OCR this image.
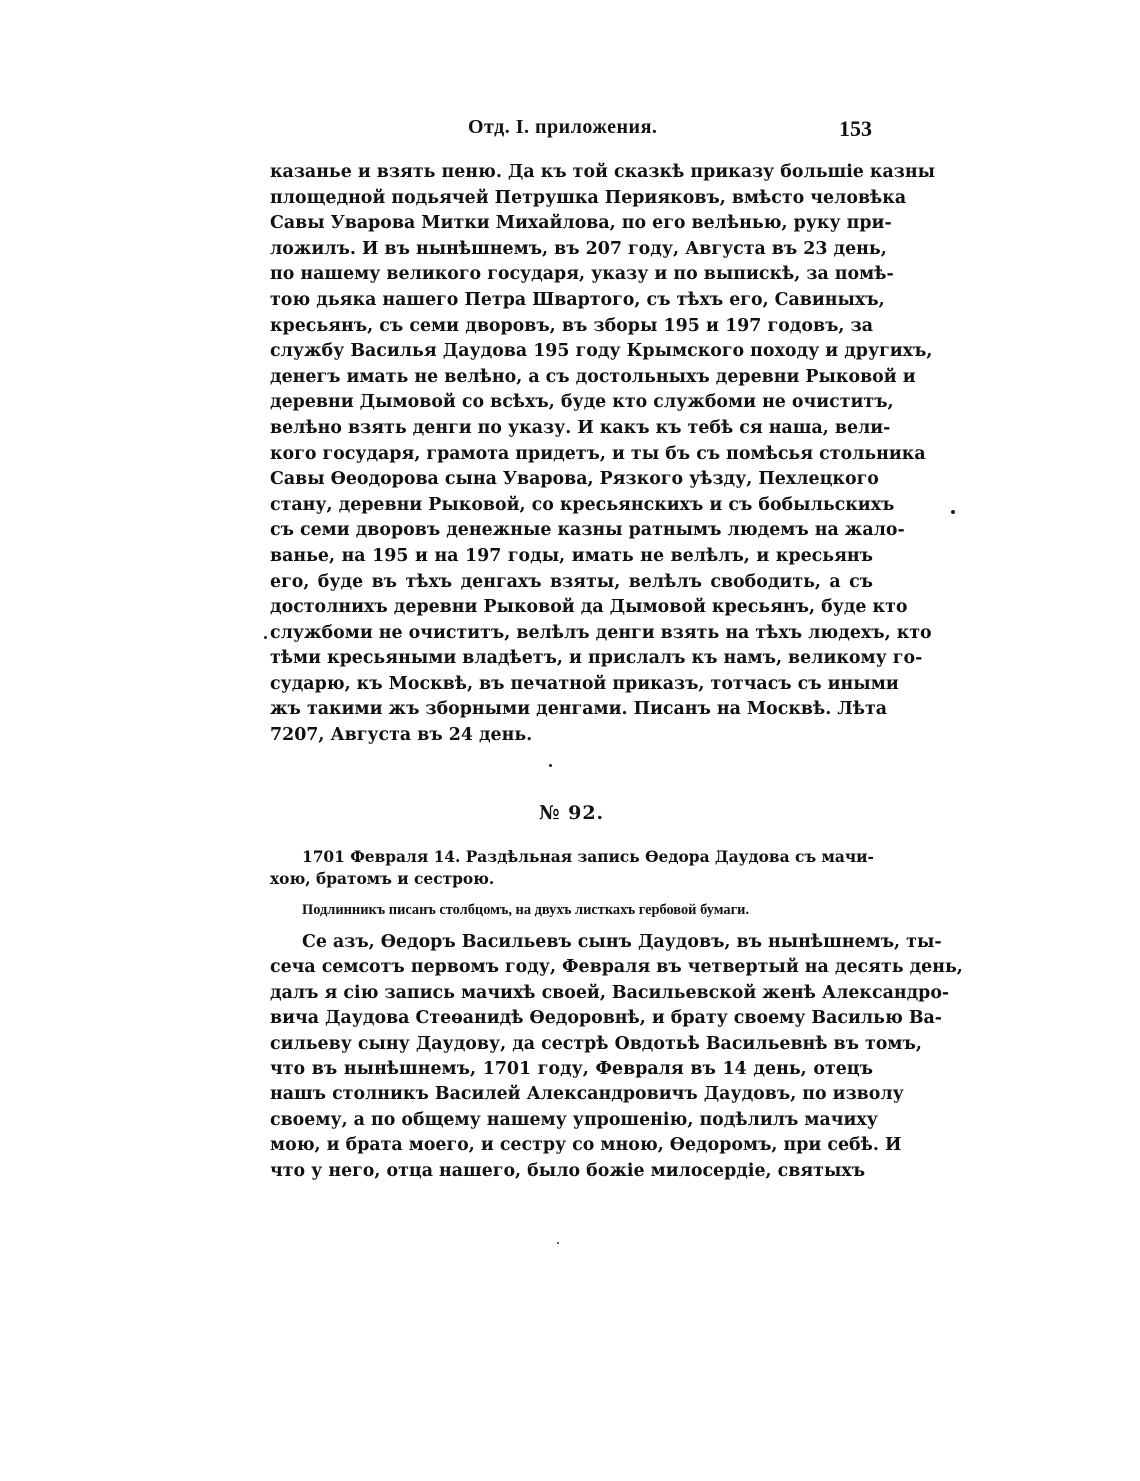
Отд. I. приложения.	153
казанье и взять пеню. Да къ той сказкѣ приказу большіе казны
площедной подьячей Петрушка Перияковъ, вмѣсто человѣка
Савы Уварова Митки Михайлова, по его велѣнью, руку при-
ложилъ. И въ нынѣшнемъ, въ 207 году, Августа въ 23 день,
по нашему великого государя, указу и по выпискѣ, за помѣ-
тою дьяка нашего Петра Швартого, съ тѣхъ его, Савиныхъ,
кресьянъ, съ семи дворовъ, въ зборы 195 и 197 годовъ, за
службу Василья Даудова 195 году Крымского походу и другихъ,
денегъ имать не велѣно, а съ достольныхъ деревни Рыковой и
деревни Дымовой со всѣхъ, буде кто службоми не очиститъ,
велѣно взять денги по указу. И какъ къ тебѣ ся наша, вели-
кого государя, грамота придетъ, и ты бъ съ помѣсья стольника
Савы Өеодорова сына Уварова, Рязкого уѣзду, Пехлецкого
стану, деревни Рыковой, со кресьянскихъ и съ бобыльскихъ
съ семи дворовъ денежные казны ратнымъ людемъ на жало-
ванье, на 195 и на 197 годы, имать не велѣлъ, и кресьянъ
его, буде въ тѣхъ денгахъ взяты, велѣлъ свободить, а съ
достолнихъ деревни Рыковой да Дымовой кресьянъ, буде кто
службоми не очиститъ, велѣлъ денги взять на тѣхъ людехъ, кто
тѣми кресьяными владѣетъ, и прислалъ къ намъ, великому го-
сударю, къ Москвѣ, въ печатной приказъ, тотчасъ съ иными
жъ такими жъ зборными денгами. Писанъ на Москвѣ. Лѣта
7207, Августа въ 24 день.
№ 92.
1701 Февраля 14. Раздѣльная запись Өедора Даудова съ мачи-
хою, братомъ и сестрою.
Подлинникъ писанъ столбцомъ, на двухъ листкахъ гербовой бумаги.
Се азъ, Өедоръ Васильевъ сынъ Даудовъ, въ нынѣшнемъ, ты-
сеча семсотъ первомъ году, Февраля въ четвертый на десять день,
далъ я сію запись мачихѣ своей, Васильевской женѣ Александро-
вича Даудова Стеөанидѣ Өедоровнѣ, и брату своему Василью Ва-
сильеву сыну Даудову, да сестрѣ Овдотьѣ Васильевнѣ въ томъ,
что въ нынѣшнемъ, 1701 году, Февраля въ 14 день, отецъ
нашъ столникъ Василей Александровичъ Даудовъ, по изволу
своему, а по общему нашему упрошенію, подѣлилъ мачиху
мою, и брата моего, и сестру со мною, Өедоромъ, при себѣ. И
что у него, отца нашего, было божіе милосердіе, святыхъ
